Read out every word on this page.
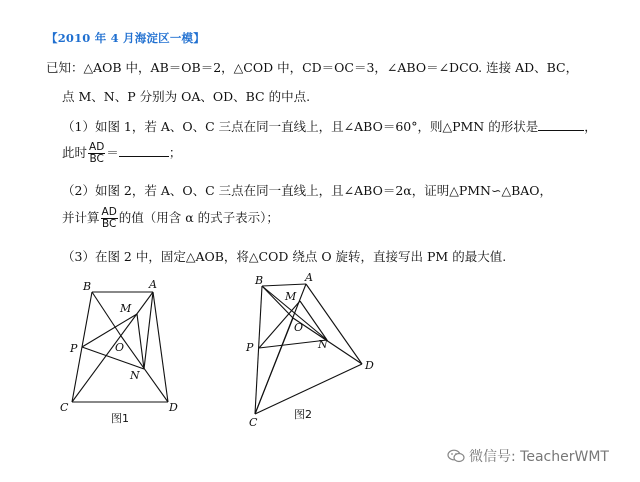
【2010 年 4 月海淀区一模】
已知：△AOB 中，AB＝OB＝2，△COD 中，CD＝OC＝3，∠ABO＝∠DCO. 连接 AD、BC，
点 M、N、P 分别为 OA、OD、BC 的中点.
（1）如图 1，若 A、O、C 三点在同一直线上，且∠ABO＝60°，则△PMN 的形状是	，
此时 $\frac{AD}{BC}$ ＝	；
（2）如图 2，若 A、O、C 三点在同一直线上，且∠ABO＝2α，证明△PMN∽△BAO，
并计算 $\frac{AD}{BC}$ 的值（用含 α 的式子表示）；
（3）在图 2 中，固定△AOB，将△COD 绕点 O 旋转，直接写出 PM 的最大值.
B	A
M
O
P
N
C	D
B	A
M
O
P	N
D
C
图1	图2
微信号: TeacherWMT
